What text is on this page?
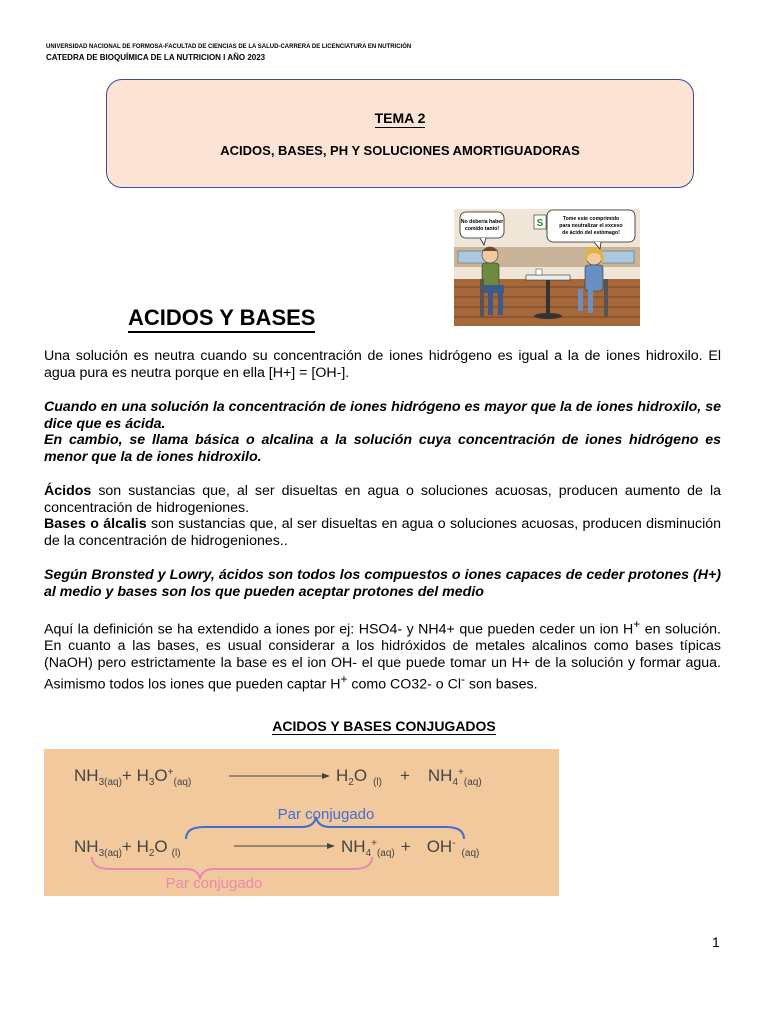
UNIVERSIDAD NACIONAL DE FORMOSA-FACULTAD DE CIENCIAS DE LA SALUD-CARRERA DE LICENCIATURA EN NUTRICIÓN
CATEDRA DE BIOQUÍMICA DE LA NUTRICION I AÑO 2023
TEMA 2
ACIDOS, BASES, PH Y SOLUCIONES AMORTIGUADORAS
No debería haber
comido tanto!	S	Tome este comprimido
para neutralizar el exceso
de ácido del estómago!
ACIDOS Y BASES

Una solución es neutra cuando su concentración de iones hidrógeno es igual a la de iones hidroxilo. El agua pura es neutra porque en ella [H+] = [OH-].

Cuando en una solución la concentración de iones hidrógeno es mayor que la de iones hidroxilo, se dice que es ácida.

En cambio, se llama básica o alcalina a la solución cuya concentración de iones hidrógeno es menor que la de iones hidroxilo.

Ácidos son sustancias que, al ser disueltas en agua o soluciones acuosas, producen aumento de la concentración de hidrogeniones.

Bases o álcalis son sustancias que, al ser disueltas en agua o soluciones acuosas, producen disminución de la concentración de hidrogeniones..

Según Bronsted y Lowry, ácidos son todos los compuestos o iones capaces de ceder protones (H+) al medio y bases son los que pueden aceptar protones del medio

Aquí la definición se ha extendido a iones por ej: HSO4- y NH4+ que pueden ceder un ion H+ en solución. En cuanto a las bases, es usual considerar a los hidróxidos de metales alcalinos como bases típicas (NaOH) pero estrictamente la base es el ion OH- el que puede tomar un H+ de la solución y formar agua. Asimismo todos los iones que pueden captar H+ como CO32- o Cl- son bases.

ACIDOS Y BASES CONJUGADOS
$NH_{3(aq)}+ H_3O^+_{(aq)}$	$H_2O$ $_{(l)} + NH_4^+_{(aq)}$
$NH_{3(aq)}+ H_2O$ $_{(l)}$	$NH_4^+_{(aq)} + OH^-_{(aq)}$
Par conjugado
Par conjugado
1
